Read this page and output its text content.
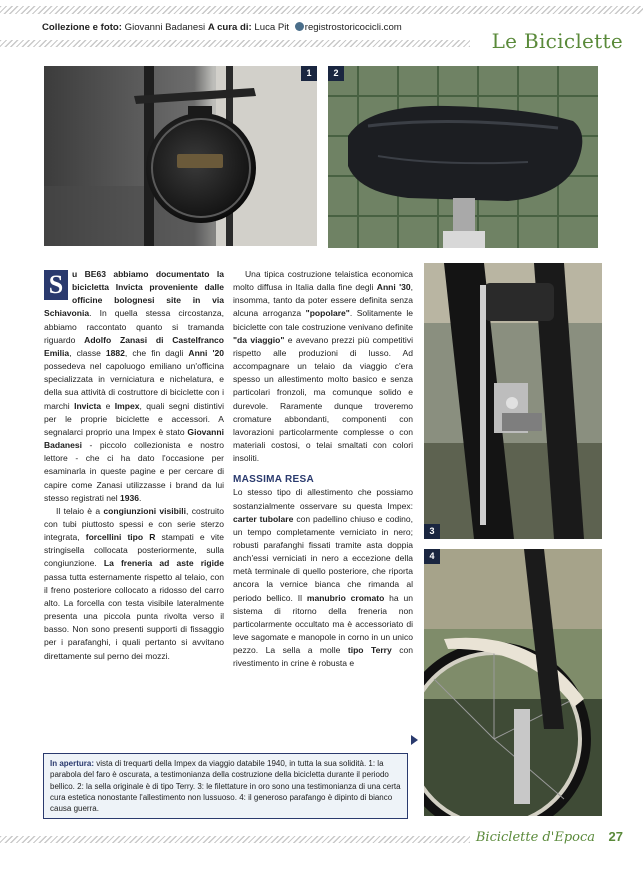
Collezione e foto: Giovanni Badanesi A cura di: Luca Pit registrostoricocicli.com
Le Biciclette
1	2
3
4

S	u BE63 abbiamo documentato la bicicletta Invicta proveniente dalle officine bolognesi site in via Schiavonia. In quella stessa circostanza, abbiamo raccontato quanto si tramanda riguardo Adolfo Zanasi di Castelfranco Emilia, classe 1882, che fin dagli Anni '20 possedeva nel capoluogo emiliano un'officina specializzata in verniciatura e nichelatura, e della sua attività di costruttore di biciclette con i marchi Invicta e Impex, quali segni distintivi per le proprie biciclette e accessori. A segnalarci proprio una Impex è stato Giovanni Badanesi - piccolo collezionista e nostro lettore - che ci ha dato l'occasione per esaminarla in queste pagine e per cercare di capire come Zanasi utilizzasse i brand da lui stesso registrati nel 1936.

Il telaio è a congiunzioni visibili, costruito con tubi piuttosto spessi e con serie sterzo integrata, forcellini tipo R stampati e vite stringisella collocata posteriormente, sulla congiunzione. La freneria ad aste rigide passa tutta esternamente rispetto al telaio, con il freno posteriore collocato a ridosso del carro alto. La forcella con testa visibile lateralmente presenta una piccola punta rivolta verso il basso. Non sono presenti supporti di fissaggio per i parafanghi, i quali pertanto si avvitano direttamente sul perno dei mozzi.

Una tipica costruzione telaistica economica molto diffusa in Italia dalla fine degli Anni '30, insomma, tanto da poter essere definita senza alcuna arroganza "popolare". Solitamente le biciclette con tale costruzione venivano definite "da viaggio" e avevano prezzi più competitivi rispetto alle produzioni di lusso. Ad accompagnare un telaio da viaggio c'era spesso un allestimento molto basico e senza particolari fronzoli, ma comunque solido e durevole. Raramente dunque troveremo cromature abbondanti, componenti con lavorazioni particolarmente complesse o con materiali costosi, o telai smaltati con colori insoliti.

MASSIMA RESA

Lo stesso tipo di allestimento che possiamo sostanzialmente osservare su questa Impex: carter tubolare con padellino chiuso e codino, un tempo completamente verniciato in nero; robusti parafanghi fissati tramite asta doppia anch'essi verniciati in nero a eccezione della metà terminale di quello posteriore, che riporta ancora la vernice bianca che rimanda al periodo bellico. Il manubrio cromato ha un sistema di ritorno della freneria non particolarmente occultato ma è accessoriato di leve sagomate e manopole in corno in un unico pezzo. La sella a molle tipo Terry con rivestimento in crine è robusta e

In apertura: vista di trequarti della Impex da viaggio databile 1940, in tutta la sua solidità. 1: la parabola del faro è oscurata, a testimonianza della costruzione della bicicletta durante il periodo bellico. 2: la sella originale è di tipo Terry. 3: le filettature in oro sono una testimonianza di una certa cura estetica nonostante l'allestimento non lussuoso. 4: il generoso parafango è dipinto di bianco causa guerra.
Biciclette d'Epoca 27
